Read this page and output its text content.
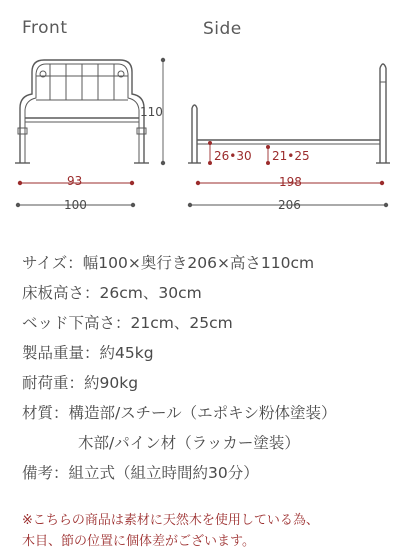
Front	Side
110
93
100
26•30 21•25
198
206
サイズ ： 幅100×奥行き206×高さ110cm
床板高さ ： 26cm、30cm
ベッド下高さ ： 21cm、25cm
製品重量 ： 約45kg
耐荷重 ： 約90kg
材質 ： 構造部/スチール（エポキシ粉体塗装）
木部/パイン材（ラッカー塗装）
備考 ： 組立式（組立時間約30分）
※こちらの商品は素材に天然木を使用している為、
木目、節の位置に個体差がございます。
